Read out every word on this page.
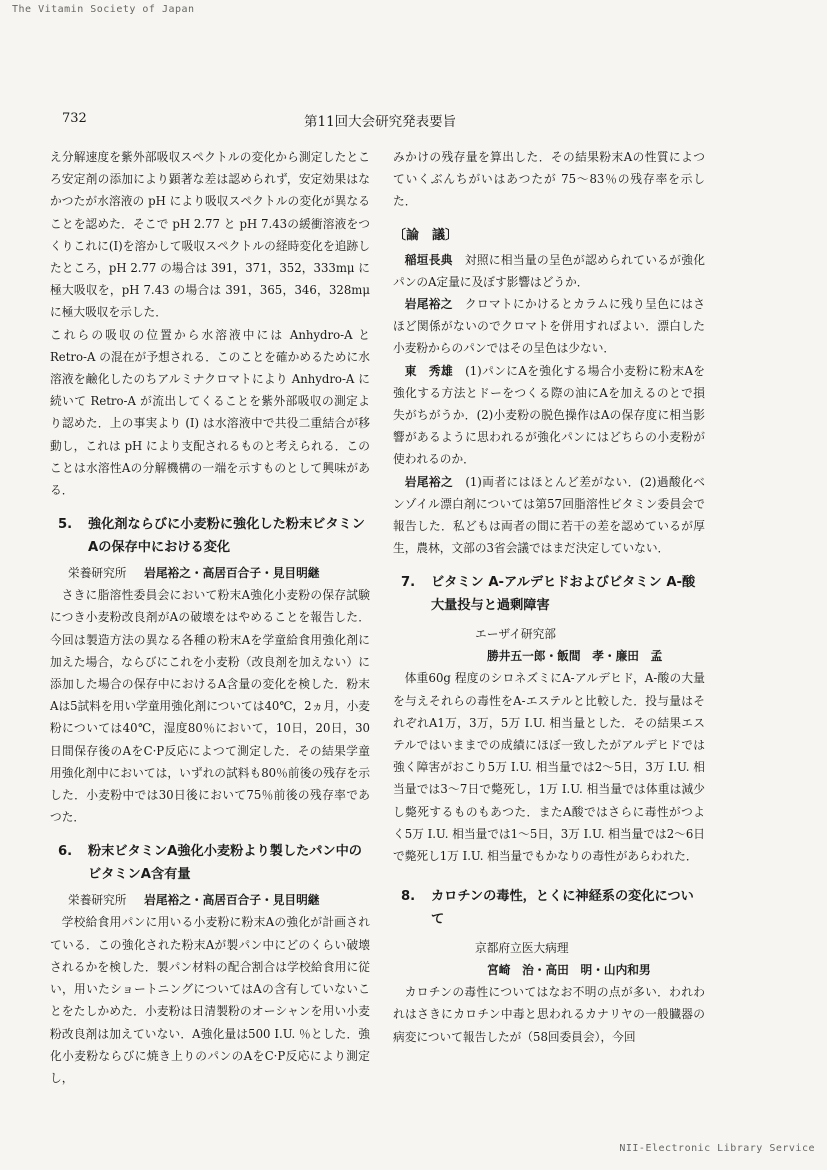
The Vitamin Society of Japan
732	第11回大会研究発表要旨

え分解速度を紫外部吸収スペクトルの変化から測定したところ安定剤の添加により顕著な差は認められず，安定効果はなかつたが水溶液の pH により吸収スペクトルの変化が異なることを認めた．そこで pH 2.77 と pH 7.43の緩衝溶液をつくりこれに(I)を溶かして吸収スペクトルの経時変化を追跡したところ，pH 2.77 の場合は 391，371，352，333mμ に極大吸収を，pH 7.43 の場合は 391，365，346，328mμに極大吸収を示した．

これらの吸収の位置から水溶液中には Anhydro-A と Retro-A の混在が予想される．このことを確かめるために水溶液を鹼化したのちアルミナクロマトにより Anhydro-A に続いて Retro-A が流出してくることを紫外部吸収の測定より認めた．上の事実より (I) は水溶液中で共役二重結合が移動し，これは pH により支配されるものと考えられる．このことは水溶性Aの分解機構の一端を示すものとして興味がある．

5.	強化剤ならびに小麦粉に強化した粉末ビタミンAの保存中における変化
栄養研究所 岩尾裕之・高居百合子・見目明継

さきに脂溶性委員会において粉末A強化小麦粉の保存試験につき小麦粉改良剤がAの破壊をはやめることを報告した．今回は製造方法の異なる各種の粉末Aを学童給食用強化剤に加えた場合，ならびにこれを小麦粉（改良剤を加えない）に添加した場合の保存中におけるA含量の変化を検した．粉末Aは5試料を用い学童用強化剤については40℃，2ヵ月，小麦粉については40℃，湿度80％において，10日，20日，30日間保存後のAをC·P反応によつて測定した．その結果学童用強化剤中においては，いずれの試料も80％前後の残存を示した．小麦粉中では30日後において75％前後の残存率であつた．

6.	粉末ビタミンA強化小麦粉より製したパン中のビタミンA含有量
栄養研究所 岩尾裕之・高居百合子・見目明継

学校給食用パンに用いる小麦粉に粉末Aの強化が計画されている．この強化された粉末Aが製パン中にどのくらい破壊されるかを検した．製パン材料の配合割合は学校給食用に従い，用いたショートニングについてはAの含有していないことをたしかめた．小麦粉は日清製粉のオーシャンを用い小麦粉改良剤は加えていない．A強化量は500 I.U. ％とした．強化小麦粉ならびに焼き上りのパンのAをC·P反応により測定し，

みかけの残存量を算出した．その結果粉末Aの性質によつていくぶんちがいはあつたが 75～83％の残存率を示した．

〔論　議〕

稲垣長典　 対照に相当量の呈色が認められているが強化パンのA定量に及ぼす影響はどうか．

岩尾裕之　 クロマトにかけるとカラムに残り呈色にはさほど関係がないのでクロマトを併用すればよい．漂白した小麦粉からのパンではその呈色は少ない．

東　秀雄　 (1)パンにAを強化する場合小麦粉に粉末Aを強化する方法とドーをつくる際の油にAを加えるのとで損失がちがうか．(2)小麦粉の脱色操作はAの保存度に相当影響があるように思われるが強化パンにはどちらの小麦粉が使われるのか．

岩尾裕之　 (1)両者にはほとんど差がない．(2)過酸化ベンゾイル漂白剤については第57回脂溶性ビタミン委員会で報告した．私どもは両者の間に若干の差を認めているが厚生，農林，文部の3省会議ではまだ決定していない．

7.	ビタミン A-アルデヒドおよびビタミン A-酸大量投与と過剰障害
エーザイ研究部
勝井五一郎・飯間　孝・廉田　孟

体重60g 程度のシロネズミにA-アルデヒド，A-酸の大量を与えそれらの毒性をA-エステルと比較した．投与量はそれぞれA1万，3万，5万 I.U. 相当量とした．その結果エステルではいままでの成績にほぼ一致したがアルデヒドでは強く障害がおこり5万 I.U. 相当量では2～5日，3万 I.U. 相当量では3～7日で斃死し，1万 I.U. 相当量では体重は減少し斃死するものもあつた．またA酸ではさらに毒性がつよく5万 I.U. 相当量では1～5日，3万 I.U. 相当量では2～6日で斃死し1万 I.U. 相当量でもかなりの毒性があらわれた．

8.	カロチンの毒性，とくに神経系の変化について
京都府立医大病理
宮崎　治・高田　明・山内和男

カロチンの毒性についてはなお不明の点が多い．われわれはさきにカロチン中毒と思われるカナリヤの一般臓器の病変について報告したが（58回委員会），今回

NII-Electronic Library Service
